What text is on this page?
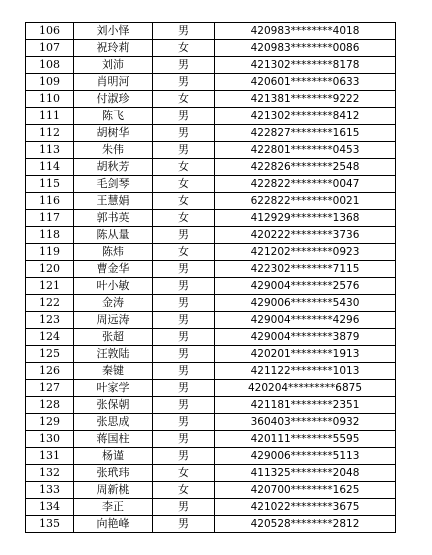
106	刘小怿	男	420983********4018
107	祝玲莉	女	420983********0086
108	刘沛	男	421302********8178
109	肖明河	男	420601********0633
110	付淑珍	女	421381********9222
111	陈飞	男	421302********8412
112	胡树华	男	422827********1615
113	朱伟	男	422801********0453
114	胡秋芳	女	422826********2548
115	毛剑琴	女	422822********0047
116	王慧娟	女	622822********0021
117	郭书英	女	412929********1368
118	陈从量	男	420222********3736
119	陈炜	女	421202********0923
120	曹金华	男	422302********7115
121	叶小敏	男	429004********2576
122	金涛	男	429006********5430
123	周远涛	男	429004********4296
124	张超	男	429004********3879
125	汪敦陆	男	420201********1913
126	秦键	男	421122********1013
127	叶家学	男	420204*********6875
128	张保朝	男	421181********2351
129	张思成	男	360403********0932
130	蒋国柱	男	420111********5595
131	杨谨	男	429006********5113
132	张玳玮	女	411325********2048
133	周新桃	女	420700********1625
134	李正	男	421022********3675
135	向艳峰	男	420528********2812
